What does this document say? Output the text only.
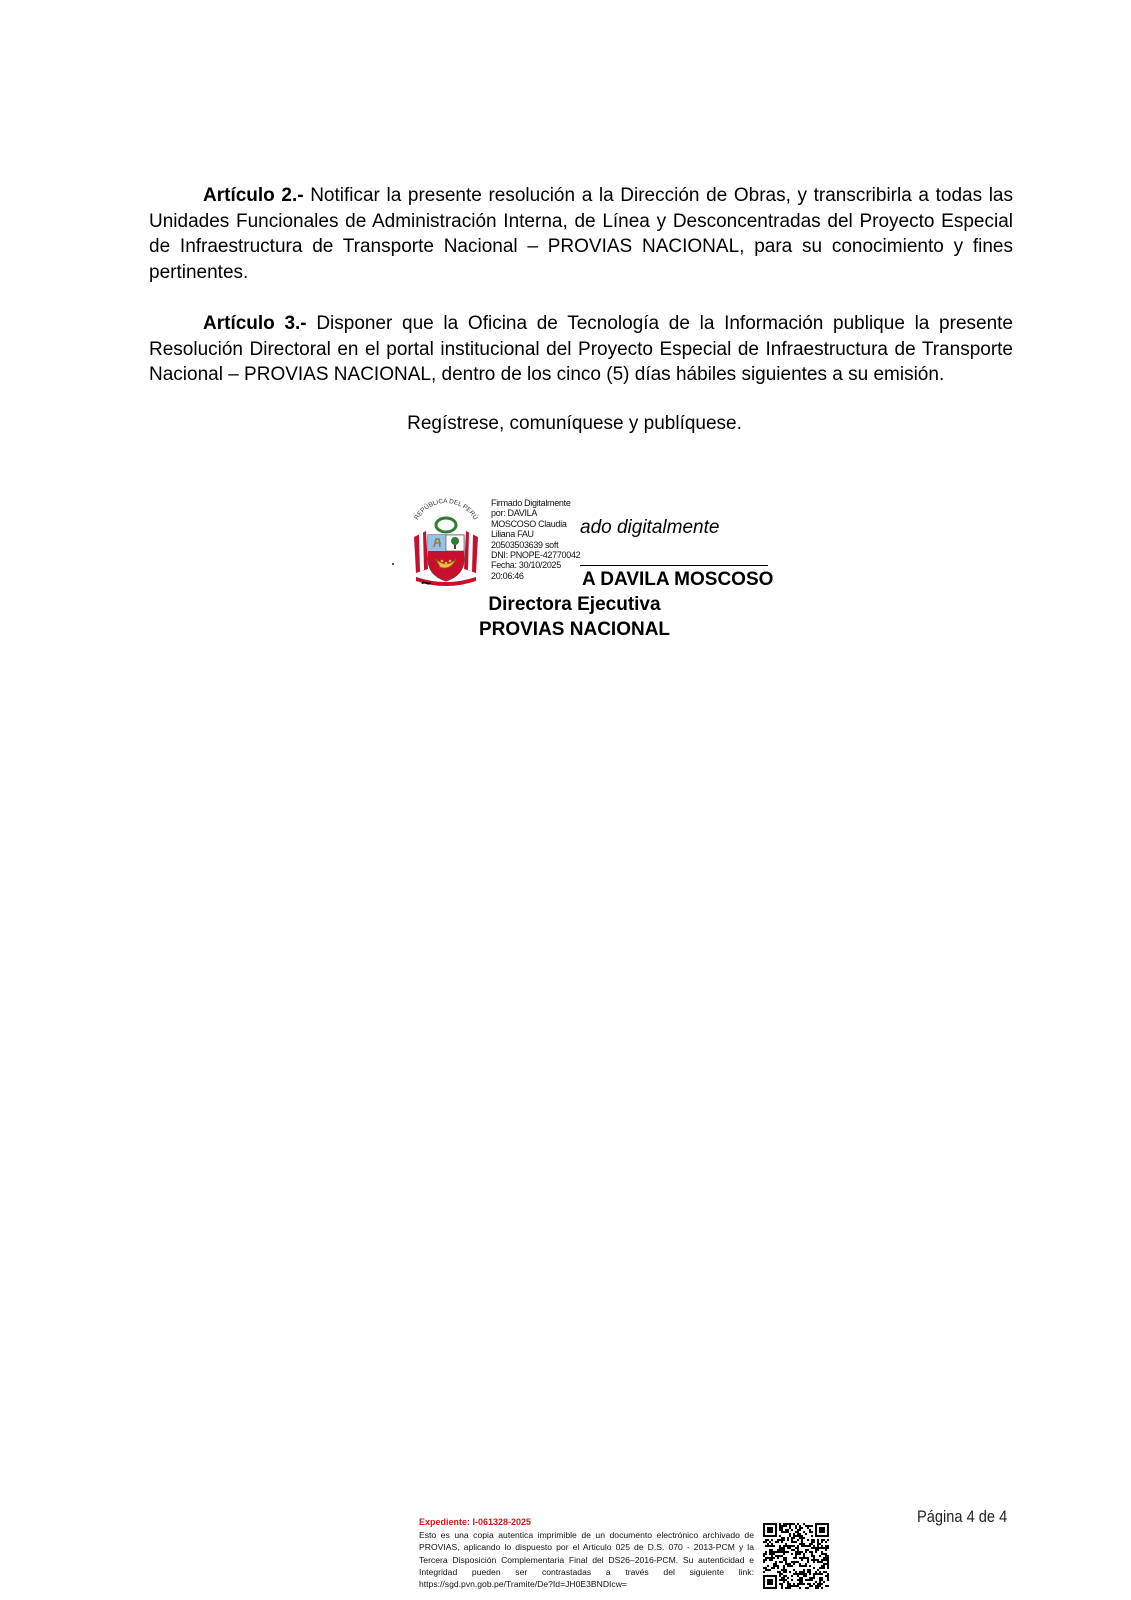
Artículo 2.- Notificar la presente resolución a la Dirección de Obras, y transcribirla a todas las Unidades Funcionales de Administración Interna, de Línea y Desconcentradas del Proyecto Especial de Infraestructura de Transporte Nacional – PROVIAS NACIONAL, para su conocimiento y fines pertinentes.

Artículo 3.- Disponer que la Oficina de Tecnología de la Información publique la presente Resolución Directoral en el portal institucional del Proyecto Especial de Infraestructura de Transporte Nacional – PROVIAS NACIONAL, dentro de los cinco (5) días hábiles siguientes a su emisión.

Regístrese, comuníquese y publíquese.

REPÚBLICA DEL PERÚ
Firmado Digitalmente
por: DAVILA
MOSCOSO Claudia
Liliana FAU
20503503639 soft
DNI: PNOPE-42770042
Fecha: 30/10/2025
20:06:46
ado digitalmente
~	A DAVILA MOSCOSO
Directora Ejecutiva
PROVIAS NACIONAL
Expediente: I-061328-2025
Esto es una copia autentica imprimible de un documento electrónico archivado de PROVIAS, aplicando lo dispuesto por el Articulo 025 de D.S. 070 - 2013-PCM y la Tercera Disposición Complementaria Final del DS26–2016-PCM. Su autenticidad e Integridad pueden ser contrastadas a través del siguiente link: https://sgd.pvn.gob.pe/Tramite/De?Id=JH0E3BNDIcw=
Página 4 de 4
